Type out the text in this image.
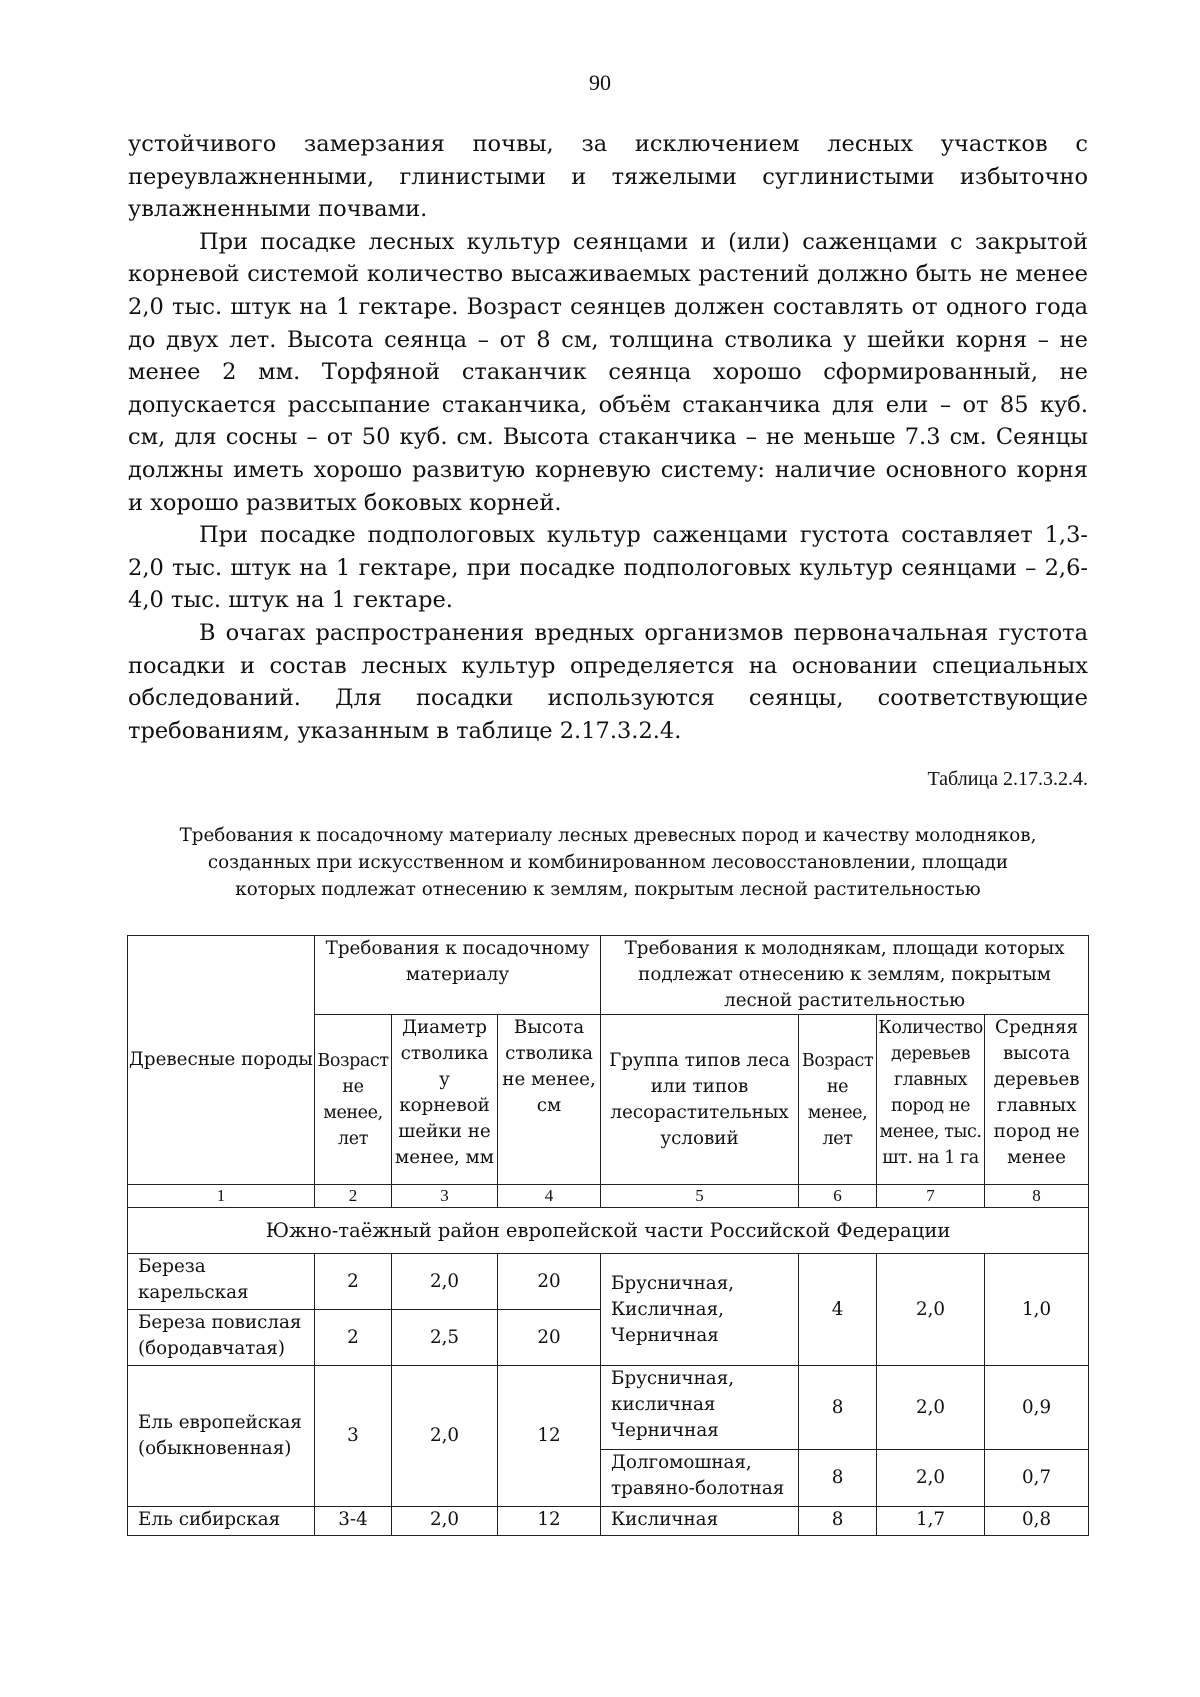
90

устойчивого замерзания почвы, за исключением лесных участков с переувлажненными, глинистыми и тяжелыми суглинистыми избыточно увлажненными почвами.

При посадке лесных культур сеянцами и (или) саженцами с закрытой корневой системой количество высаживаемых растений должно быть не менее 2,0 тыс. штук на 1 гектаре. Возраст сеянцев должен составлять от одного года до двух лет. Высота сеянца – от 8 см, толщина стволика у шейки корня – не менее 2 мм. Торфяной стаканчик сеянца хорошо сформированный, не допускается рассыпание стаканчика, объём стаканчика для ели – от 85 куб. см, для сосны – от 50 куб. см. Высота стаканчика – не меньше 7.3 см. Сеянцы должны иметь хорошо развитую корневую систему: наличие основного корня и хорошо развитых боковых корней.

При посадке подпологовых культур саженцами густота составляет 1,3-2,0 тыс. штук на 1 гектаре, при посадке подпологовых культур сеянцами – 2,6-4,0 тыс. штук на 1 гектаре.

В очагах распространения вредных организмов первоначальная густота посадки и состав лесных культур определяется на основании специальных обследований. Для посадки используются сеянцы, соответствующие требованиям, указанным в таблице 2.17.3.2.4.

Таблица 2.17.3.2.4.
Требования к посадочному материалу лесных древесных пород и качеству молодняков,
созданных при искусственном и комбинированном лесовосстановлении, площади
которых подлежат отнесению к землям, покрытым лесной растительностью
Древесные породы	Требования к посадочному материалу			Требования к молоднякам, площади которых подлежат отнесению к землям, покрытым лесной растительностью			
	Возраст не менее, лет	Диаметр стволика у корневой шейки не менее, мм	Высота стволика не менее, см	Группа типов леса или типов лесорастительных условий	Возраст не менее, лет	Количество деревьев главных пород не менее, тыс. шт. на 1 га	Средняя высота деревьев главных пород не менее
1	2	3	4	5	6	7	8
Южно-таёжный район европейской части Российской Федерации							
Береза карельская	2	2,0	20	Брусничная, Кисличная, Черничная	4	2,0	1,0
Береза повислая (бородавчатая)	2	2,5	20				
Ель европейская (обыкновенная)	3	2,0	12	Брусничная, кисличная Черничная	8	2,0	0,9
				Долгомошная, травяно-болотная	8	2,0	0,7
Ель сибирская	3-4	2,0	12	Кисличная	8	1,7	0,8
